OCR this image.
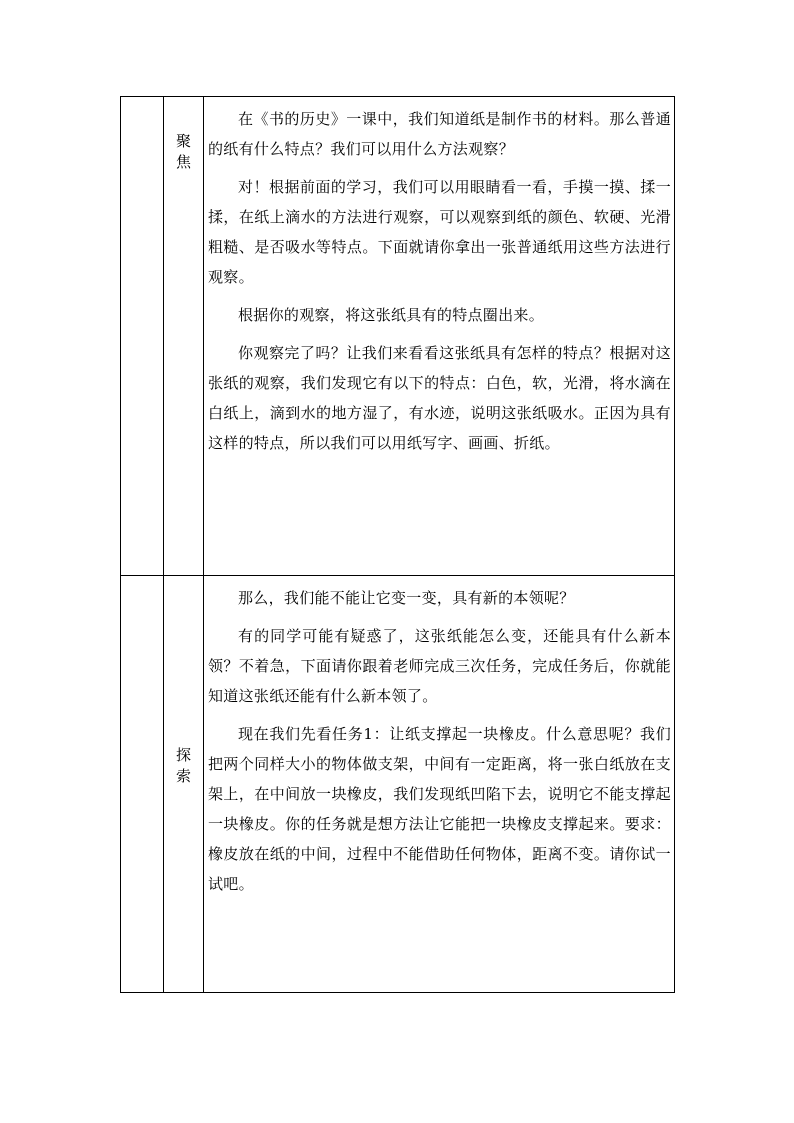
	聚焦	在《书的历史》一课中，我们知道纸是制作书的材料。那么普通的纸有什么特点？我们可以用什么方法观察？

对！根据前面的学习，我们可以用眼睛看一看，手摸一摸、揉一揉，在纸上滴水的方法进行观察，可以观察到纸的颜色、软硬、光滑粗糙、是否吸水等特点。下面就请你拿出一张普通纸用这些方法进行观察。

根据你的观察，将这张纸具有的特点圈出来。

你观察完了吗？让我们来看看这张纸具有怎样的特点？根据对这张纸的观察，我们发现它有以下的特点：白色，软，光滑，将水滴在白纸上，滴到水的地方湿了，有水迹，说明这张纸吸水。正因为具有这样的特点，所以我们可以用纸写字、画画、折纸。

	探索	那么，我们能不能让它变一变，具有新的本领呢？

有的同学可能有疑惑了，这张纸能怎么变，还能具有什么新本领？不着急，下面请你跟着老师完成三次任务，完成任务后，你就能知道这张纸还能有什么新本领了。

现在我们先看任务1：让纸支撑起一块橡皮。什么意思呢？我们把两个同样大小的物体做支架，中间有一定距离，将一张白纸放在支架上，在中间放一块橡皮，我们发现纸凹陷下去，说明它不能支撑起一块橡皮。你的任务就是想方法让它能把一块橡皮支撑起来。要求：橡皮放在纸的中间，过程中不能借助任何物体，距离不变。请你试一试吧。
